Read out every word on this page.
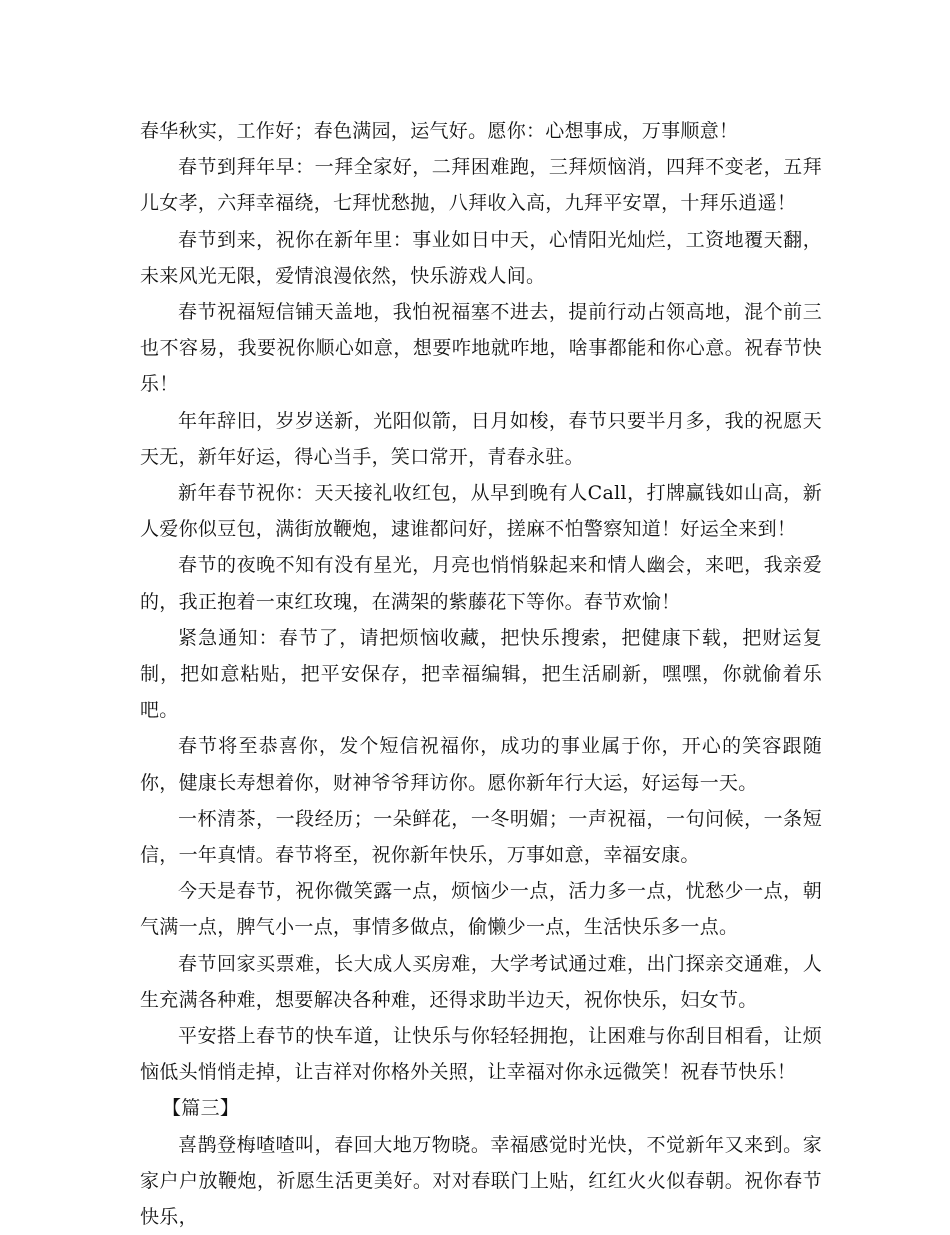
春华秋实，工作好；春色满园，运气好。愿你：心想事成，万事顺意！

春节到拜年早：一拜全家好，二拜困难跑，三拜烦恼消，四拜不变老，五拜儿女孝，六拜幸福绕，七拜忧愁抛，八拜收入高，九拜平安罩，十拜乐逍遥！

春节到来，祝你在新年里：事业如日中天，心情阳光灿烂，工资地覆天翻，未来风光无限，爱情浪漫依然，快乐游戏人间。

春节祝福短信铺天盖地，我怕祝福塞不进去，提前行动占领高地，混个前三也不容易，我要祝你顺心如意，想要咋地就咋地，啥事都能和你心意。祝春节快乐！

年年辞旧，岁岁送新，光阳似箭，日月如梭，春节只要半月多，我的祝愿天天无，新年好运，得心当手，笑口常开，青春永驻。

新年春节祝你：天天接礼收红包，从早到晚有人Call，打牌赢钱如山高，新人爱你似豆包，满街放鞭炮，逮谁都问好，搓麻不怕警察知道！好运全来到！

春节的夜晚不知有没有星光，月亮也悄悄躲起来和情人幽会，来吧，我亲爱的，我正抱着一束红玫瑰，在满架的紫藤花下等你。春节欢愉！

紧急通知：春节了，请把烦恼收藏，把快乐搜索，把健康下载，把财运复制，把如意粘贴，把平安保存，把幸福编辑，把生活刷新，嘿嘿，你就偷着乐吧。

春节将至恭喜你，发个短信祝福你，成功的事业属于你，开心的笑容跟随你，健康长寿想着你，财神爷爷拜访你。愿你新年行大运，好运每一天。

一杯清茶，一段经历；一朵鲜花，一冬明媚；一声祝福，一句问候，一条短信，一年真情。春节将至，祝你新年快乐，万事如意，幸福安康。

今天是春节，祝你微笑露一点，烦恼少一点，活力多一点，忧愁少一点，朝气满一点，脾气小一点，事情多做点，偷懒少一点，生活快乐多一点。

春节回家买票难，长大成人买房难，大学考试通过难，出门探亲交通难，人生充满各种难，想要解决各种难，还得求助半边天，祝你快乐，妇女节。

平安搭上春节的快车道，让快乐与你轻轻拥抱，让困难与你刮目相看，让烦恼低头悄悄走掉，让吉祥对你格外关照，让幸福对你永远微笑！祝春节快乐！

【篇三】

喜鹊登梅喳喳叫，春回大地万物晓。幸福感觉时光快，不觉新年又来到。家家户户放鞭炮，祈愿生活更美好。对对春联门上贴，红红火火似春朝。祝你春节快乐，
